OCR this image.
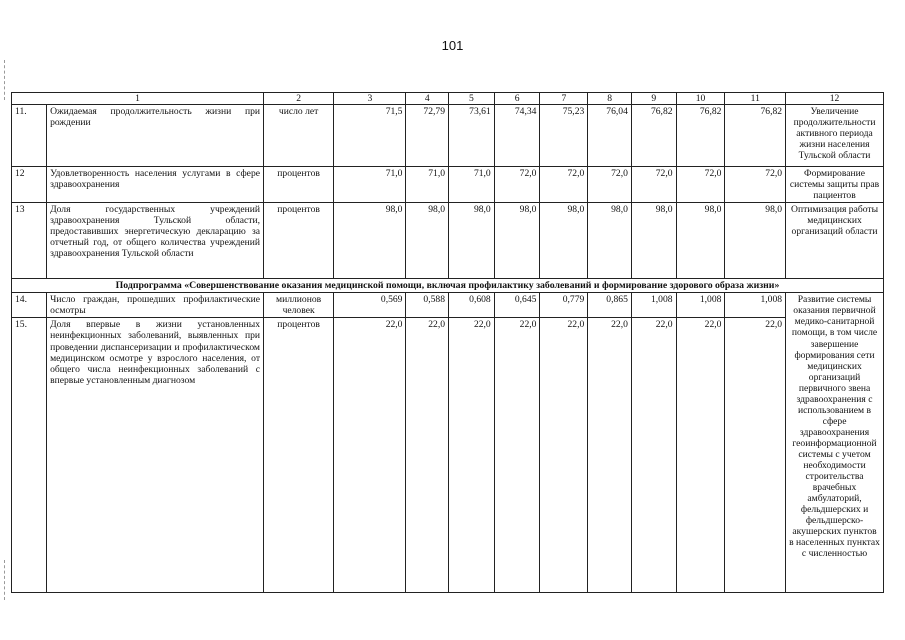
101
1		2	3	4	5	6	7	8	9	10	11	12
11.	Ожидаемая продолжительность жизни при рождении	число лет	71,5	72,79	73,61	74,34	75,23	76,04	76,82	76,82	76,82	Увеличение продолжительности активного периода жизни населения Тульской области
12	Удовлетворенность населения услугами в сфере здравоохранения	процентов	71,0	71,0	71,0	72,0	72,0	72,0	72,0	72,0	72,0	Формирование системы защиты прав пациентов
13	Доля государственных учреждений здравоохранения Тульской области, предоставивших энергетическую декларацию за отчетный год, от общего количества учреждений здравоохранения Тульской области	процентов	98,0	98,0	98,0	98,0	98,0	98,0	98,0	98,0	98,0	Оптимизация работы медицинских организаций области
Подпрограмма «Совершенствование оказания медицинской помощи, включая профилактику заболеваний и формирование здорового образа жизни»												
14.	Число граждан, прошедших профилактические осмотры	миллионов человек	0,569	0,588	0,608	0,645	0,779	0,865	1,008	1,008	1,008	Развитие системы оказания первичной медико-санитарной помощи, в том числе завершение формирования сети медицинских организаций первичного звена здравоохранения с использованием в сфере здравоохранения геоинформационной системы с учетом необходимости строительства врачебных амбулаторий, фельдшерских и фельдшерско-акушерских пунктов в населенных пунктах с численностью
15.	Доля впервые в жизни установленных неинфекционных заболеваний, выявленных при проведении диспансеризации и профилактическом медицинском осмотре у взрослого населения, от общего числа неинфекционных заболеваний с впервые установленным диагнозом	процентов	22,0	22,0	22,0	22,0	22,0	22,0	22,0	22,0	22,0	
